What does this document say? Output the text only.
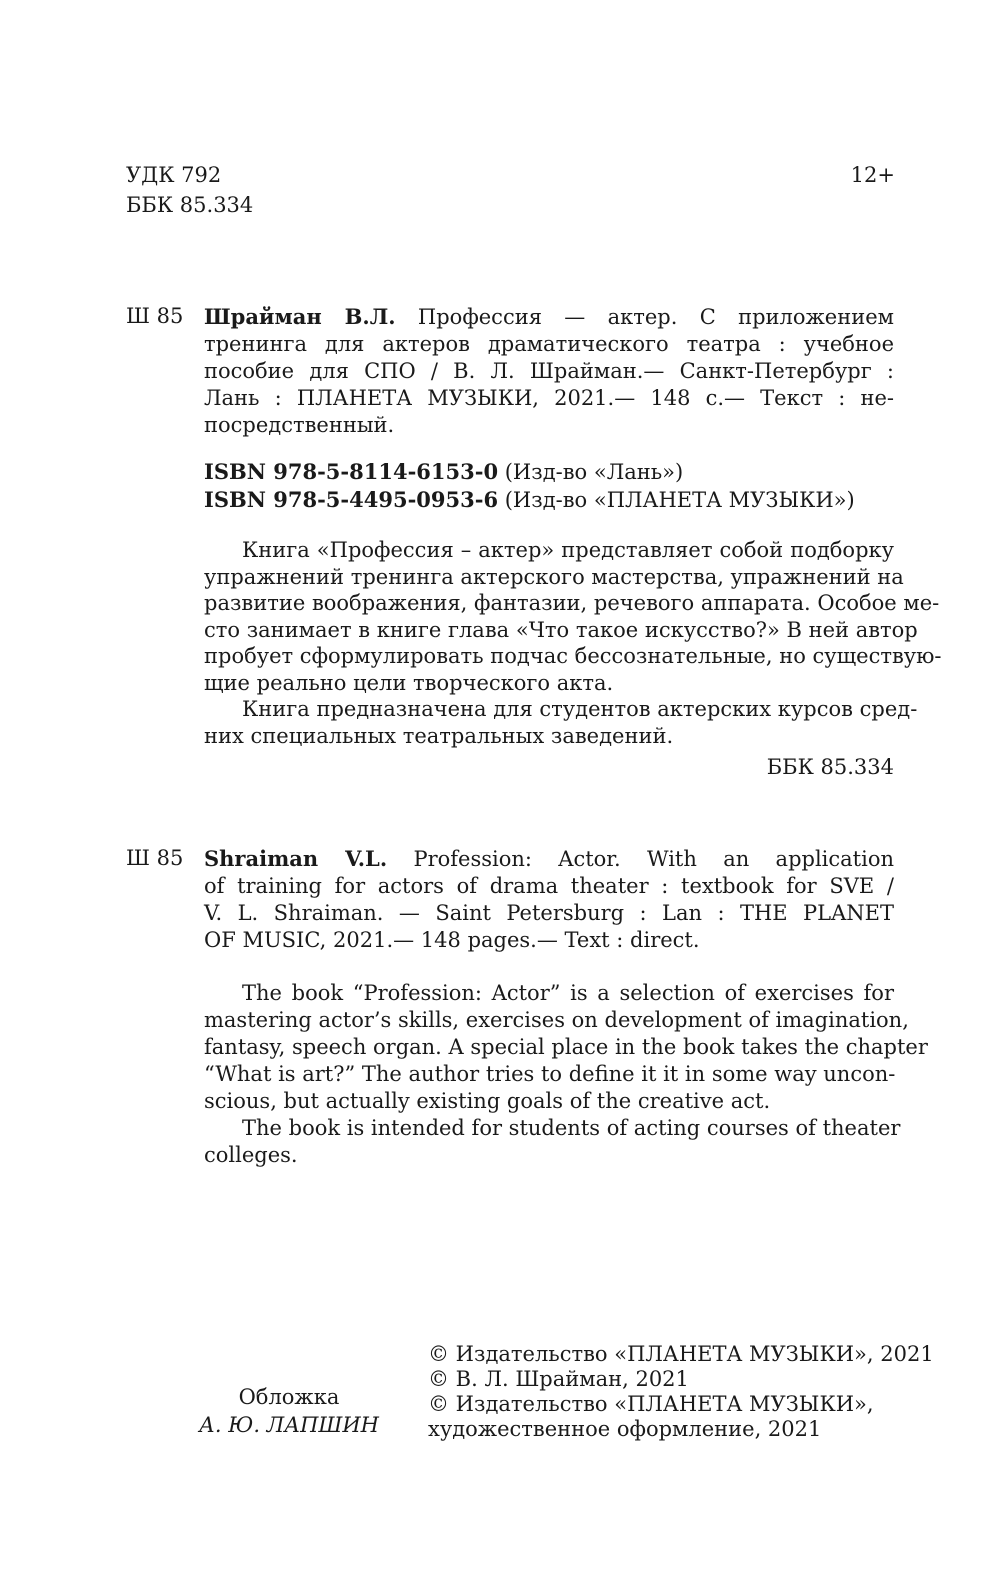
УДК 792
ББК 85.334
12+
Ш 85 Шрайман В.Л. Профессия — актер. С приложением
тренинга для актеров драматического театра : учебное
пособие для СПО / В. Л. Шрайман.— Санкт-Петербург :
Лань : ПЛАНЕТА МУЗЫКИ, 2021.— 148 с.— Текст : не-
посредственный.
ISBN 978-5-8114-6153-0 (Изд-во «Лань»)
ISBN 978-5-4495-0953-6 (Изд-во «ПЛАНЕТА МУЗЫКИ»)
Книга «Профессия – актер» представляет собой подборку
упражнений тренинга актерского мастерства, упражнений на
развитие воображения, фантазии, речевого аппарата. Особое ме-
сто занимает в книге глава «Что такое искусство?» В ней автор
пробует сформулировать подчас бессознательные, но существую-
щие реально цели творческого акта.
Книга предназначена для студентов актерских курсов сред-
них специальных театральных заведений.
ББК 85.334
Ш 85 Shraiman V.L. Profession: Actor. With an application
of training for actors of drama theater : textbook for SVE /
V. L. Shraiman. — Saint Petersburg : Lan : THE PLANET
OF MUSIC, 2021.— 148 pages.— Text : direct.
The book “Profession: Actor” is a selection of exercises for
mastering actor’s skills, exercises on development of imagination,
fantasy, speech organ. A special place in the book takes the chapter
“What is art?” The author tries to define it it in some way uncon-
scious, but actually existing goals of the creative act.
The book is intended for students of acting courses of theater
colleges.
Обложка
А. Ю. ЛАПШИН
© Издательство «ПЛАНЕТА МУЗЫКИ», 2021
© В. Л. Шрайман, 2021
© Издательство «ПЛАНЕТА МУЗЫКИ»,
художественное оформление, 2021
